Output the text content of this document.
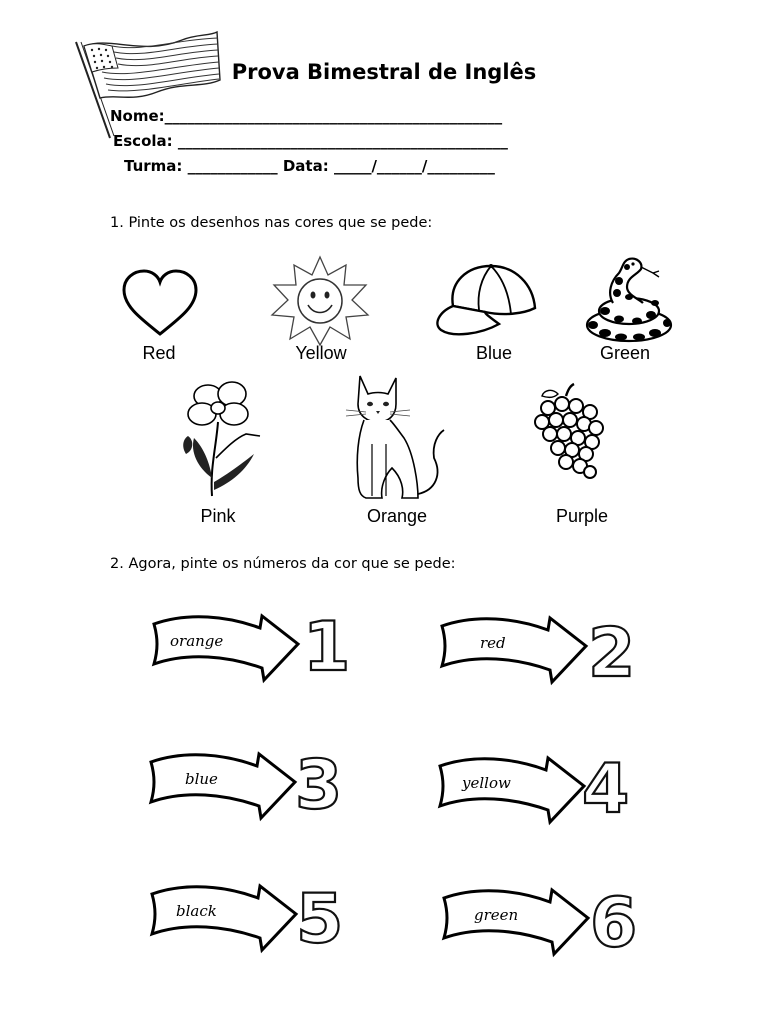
Prova Bimestral de Inglês
Nome:_____________________________________________
Escola: ____________________________________________
Turma: ____________ Data: _____/______/_________
1. Pinte os desenhos nas cores que se pede:
Red	Yellow	Blue	Green
Pink	Orange	Purple
2. Agora, pinte os números da cor que se pede:
orange 1	red 2
blue 3	yellow 4
black 5	green 6
